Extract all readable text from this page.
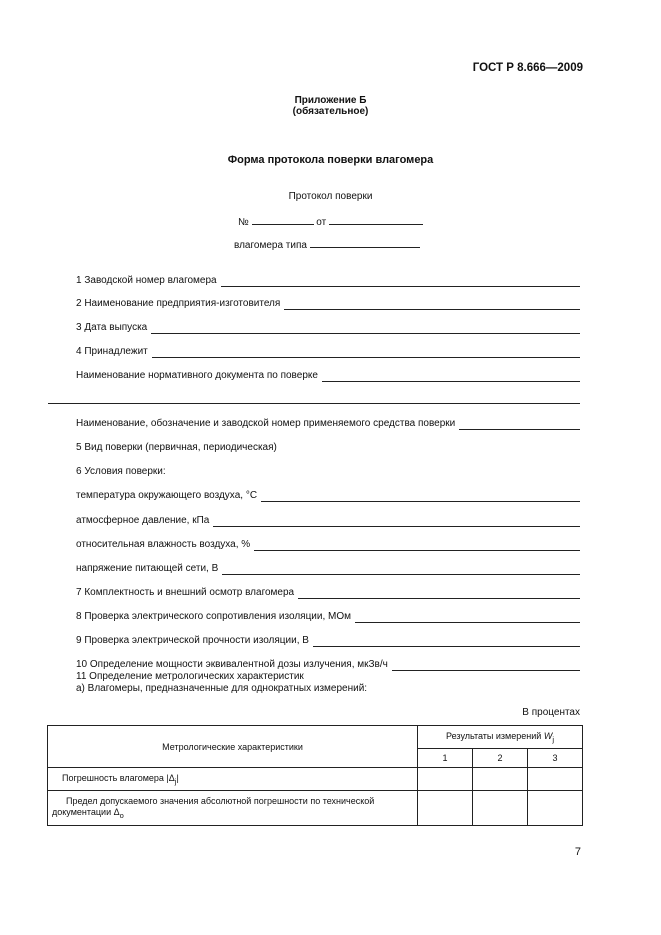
ГОСТ Р 8.666—2009
Приложение Б
(обязательное)
Форма протокола поверки влагомера
Протокол поверки
№	от
влагомера типа
1 Заводской номер влагомера
2 Наименование предприятия-изготовителя
3 Дата выпуска
4 Принадлежит
Наименование нормативного документа по поверке
Наименование, обозначение и заводской номер применяемого средства поверки
5 Вид поверки (первичная, периодическая)
6 Условия поверки:
температура окружающего воздуха, °С
атмосферное давление, кПа
относительная влажность воздуха, %
напряжение питающей сети, В
7 Комплектность и внешний осмотр влагомера
8 Проверка электрического сопротивления изоляции, МОм
9 Проверка электрической прочности изоляции, В
10 Определение мощности эквивалентной дозы излучения, мкЗв/ч
11 Определение метрологических характеристик
а) Влагомеры, предназначенные для однократных измерений:
В процентах
Метрологические характеристики	Результаты измерений $W_j$
	1	2	3
Погрешность влагомера $|\Delta_j|$			
Предел допускаемого значения абсолютной погрешности по технической документации $\Delta_о$			
7
